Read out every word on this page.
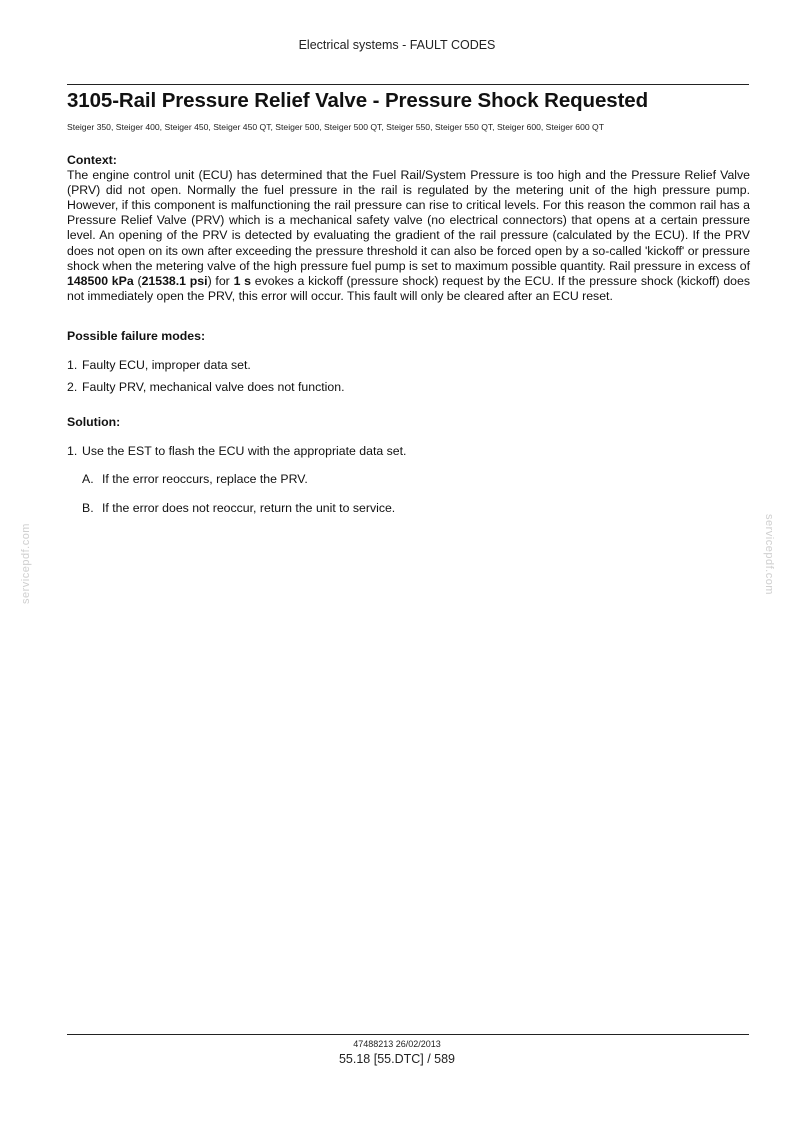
Electrical systems - FAULT CODES
3105-Rail Pressure Relief Valve - Pressure Shock Requested
Steiger 350, Steiger 400, Steiger 450, Steiger 450 QT, Steiger 500, Steiger 500 QT, Steiger 550, Steiger 550 QT, Steiger 600, Steiger 600 QT

Context:

The engine control unit (ECU) has determined that the Fuel Rail/System Pressure is too high and the Pressure Relief Valve (PRV) did not open. Normally the fuel pressure in the rail is regulated by the metering unit of the high pressure pump. However, if this component is malfunctioning the rail pressure can rise to critical levels. For this reason the common rail has a Pressure Relief Valve (PRV) which is a mechanical safety valve (no electrical connectors) that opens at a certain pressure level. An opening of the PRV is detected by evaluating the gradient of the rail pressure (calculated by the ECU). If the PRV does not open on its own after exceeding the pressure threshold it can also be forced open by a so-called 'kickoff' or pressure shock when the metering valve of the high pressure fuel pump is set to maximum possible quantity. Rail pressure in excess of 148500 kPa (21538.1 psi) for 1 s evokes a kickoff (pressure shock) request by the ECU. If the pressure shock (kickoff) does not immediately open the PRV, this error will occur. This fault will only be cleared after an ECU reset.

Possible failure modes:

1. Faulty ECU, improper data set.
2. Faulty PRV, mechanical valve does not function.

Solution:

1. Use the EST to flash the ECU with the appropriate data set.
A. If the error reoccurs, replace the PRV.
B. If the error does not reoccur, return the unit to service.
servicepdf.com	servicepdf.com
47488213 26/02/2013
55.18 [55.DTC] / 589
